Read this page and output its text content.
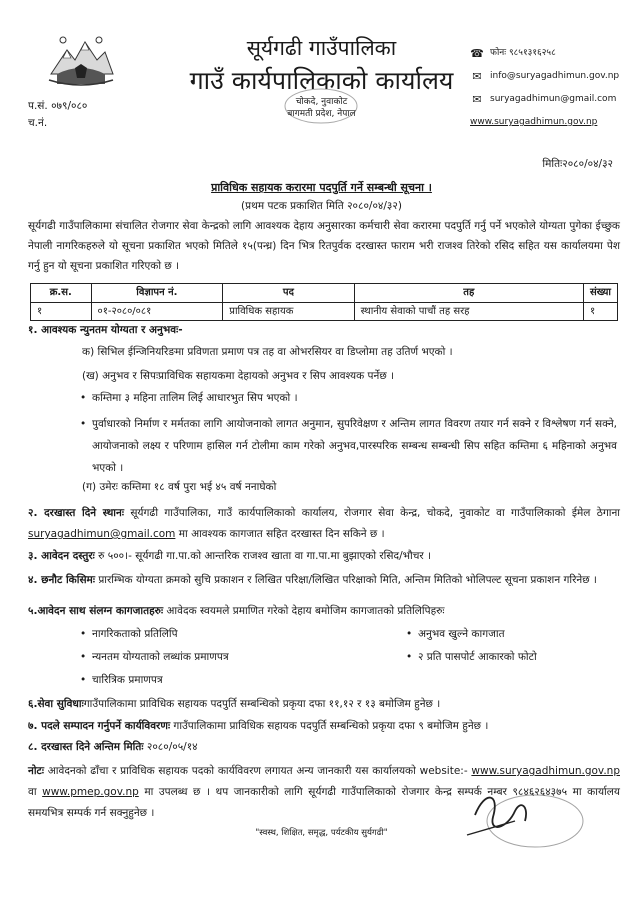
प.सं. ०७९/०८०
च.नं.
सूर्यगढी गाउँपालिका
गाउँ कार्यपालिकाको कार्यालय
चोकदे, नुवाकोट
बागमती प्रदेश, नेपाल
☎ फोनः ९८५१३१६२५८
✉ info@suryagadhimun.gov.np
✉ suryagadhimun@gmail.com
www.suryagadhimun.gov.np
मितिः२०८०/०४/३२
प्राविधिक सहायक करारमा पदपुर्ति गर्ने सम्बन्धी सूचना ।
(प्रथम पटक प्रकाशित मिति २०८०/०४/३२)
सूर्यगढी गाउँपालिकामा संचालित रोजगार सेवा केन्द्रको लागि आवश्यक देहाय अनुसारका कर्मचारी सेवा करारमा पदपुर्ति गर्नु पर्ने भएकोले योग्यता पुगेका ईच्छुक नेपाली नागरिकहरुले यो सूचना प्रकाशित भएको मितिले १५(पन्ध्र) दिन भित्र रितपुर्वक दरखास्त फाराम भरी राजश्व तिरेको रसिद सहित यस कार्यालयमा पेश गर्नु हुन यो सूचना प्रकाशित गरिएको छ ।
क्र.स.	विज्ञापन नं.	पद	तह	संख्या
१	०१-२०८०/०८१	प्राविधिक सहायक	स्थानीय सेवाको पाचौं तह सरह	१
१. आवश्यक न्युनतम योग्यता र अनुभवः-
क) सिभिल ईन्जिनियरिङमा प्रविणता प्रमाण पत्र तह वा ओभरसियर वा डिप्लोमा तह उतिर्ण भएको ।
(ख) अनुभव र सिपःप्राविधिक सहायकमा देहायको अनुभव र सिप आवश्यक पर्नेछ ।
• कम्तिमा ३ महिना तालिम लिई आधारभुत सिप भएको ।
• पुर्वाधारको निर्माण र मर्मतका लागि आयोजनाको लागत अनुमान, सुपरिवेक्षण र अन्तिम लागत विवरण तयार गर्न सक्ने र विश्लेषण गर्न सक्ने, आयोजनाको लक्ष्य र परिणाम हासिल गर्न टोलीमा काम गरेको अनुभव,पारस्परिक सम्बन्ध सम्बन्धी सिप सहित कम्तिमा ६ महिनाको अनुभव भएको ।
(ग) उमेरः कम्तिमा १८ वर्ष पुरा भई ४५ वर्ष ननाघेको
२. दरखास्त दिने स्थानः सूर्यगढी गाउँपालिका, गाउँ कार्यपालिकाको कार्यालय, रोजगार सेवा केन्द्र, चोकदे, नुवाकोट वा गाउँपालिकाको ईमेल ठेगाना suryagadhimun@gmail.com मा आवश्यक कागजात सहित दरखास्त दिन सकिने छ ।
३. आवेदन दस्तुरः रु ५००।- सूर्यगढी गा.पा.को आन्तरिक राजश्व खाता वा गा.पा.मा बुझाएको रसिद/भौचर ।
४. छनौट किसिमः प्रारम्भिक योग्यता क्रमको सुचि प्रकाशन र लिखित परिक्षा/लिखित परिक्षाको मिति, अन्तिम मितिको भोलिपल्ट सूचना प्रकाशन गरिनेछ ।
५.आवेदन साथ संलग्न कागजातहरुः आवेदक स्वयमले प्रमाणित गरेको देहाय बमोजिम कागजातको प्रतिलिपिहरुः
• नागरिकताको प्रतिलिपि	• अनुभव खुल्ने कागजात
• न्यनतम योग्यताको लब्धांक प्रमाणपत्र	• २ प्रति पासपोर्ट आकारको फोटो
• चारित्रिक प्रमाणपत्र
६.सेवा सुविधाःगाउँपालिकामा प्राविधिक सहायक पदपुर्ति सम्बन्धिको प्रकृया दफा ११,१२ र १३ बमोजिम हुनेछ ।
७. पदले सम्पादन गर्नुपर्ने कार्यविवरणः गाउँपालिकामा प्राविधिक सहायक पदपुर्ति सम्बन्धिको प्रकृया दफा ९ बमोजिम हुनेछ ।
८. दरखास्त दिने अन्तिम मितिः २०८०/०५/१४
नोटः आवेदनको ढाँचा र प्राविधिक सहायक पदको कार्यविवरण लगायत अन्य जानकारी यस कार्यालयको website:- www.suryagadhimun.gov.np वा www.pmep.gov.np मा उपलब्ध छ । थप जानकारीको लागि सूर्यगढी गाउँपालिकाको रोजगार केन्द्र सम्पर्क नम्बर ९८४६२६४३७५ मा कार्यालय समयभित्र सम्पर्क गर्न सक्नुहुनेछ ।
"स्वस्थ, शिक्षित, समृद्ध, पर्यटकीय सुर्यगढी"
